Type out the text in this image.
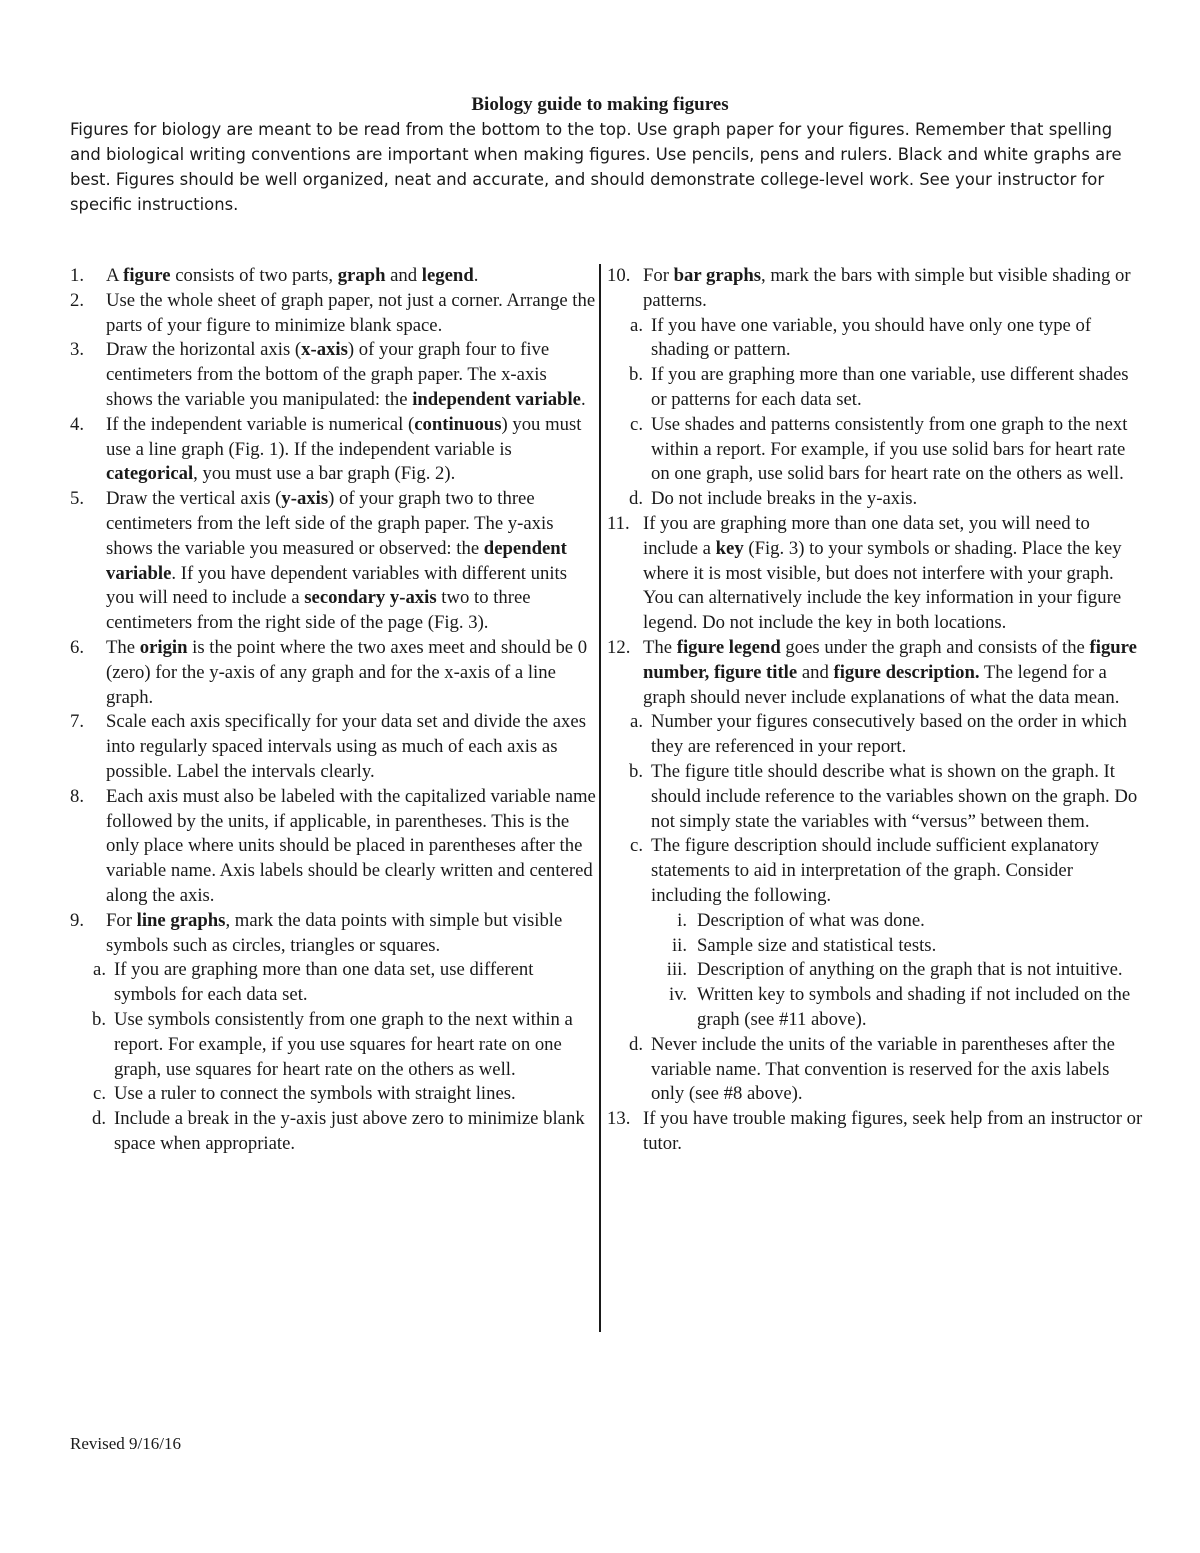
Biology guide to making figures
Figures for biology are meant to be read from the bottom to the top. Use graph paper for your figures. Remember that spelling and biological writing conventions are important when making figures. Use pencils, pens and rulers. Black and white graphs are best. Figures should be well organized, neat and accurate, and should demonstrate college-level work. See your instructor for specific instructions.
1.	A figure consists of two parts, graph and legend.
2.	Use the whole sheet of graph paper, not just a corner. Arrange the parts of your figure to minimize blank space.
3.	Draw the horizontal axis (x-axis) of your graph four to five centimeters from the bottom of the graph paper. The x-axis shows the variable you manipulated: the independent variable.
4.	If the independent variable is numerical (continuous) you must use a line graph (Fig. 1). If the independent variable is categorical, you must use a bar graph (Fig. 2).
5.	Draw the vertical axis (y-axis) of your graph two to three centimeters from the left side of the graph paper. The y-axis shows the variable you measured or observed: the dependent variable. If you have dependent variables with different units you will need to include a secondary y-axis two to three centimeters from the right side of the page (Fig. 3).
6.	The origin is the point where the two axes meet and should be 0 (zero) for the y-axis of any graph and for the x-axis of a line graph.
7.	Scale each axis specifically for your data set and divide the axes into regularly spaced intervals using as much of each axis as possible. Label the intervals clearly.
8.	Each axis must also be labeled with the capitalized variable name followed by the units, if applicable, in parentheses. This is the only place where units should be placed in parentheses after the variable name. Axis labels should be clearly written and centered along the axis.
9.	For line graphs, mark the data points with simple but visible symbols such as circles, triangles or squares.
a. If you are graphing more than one data set, use different symbols for each data set.
b. Use symbols consistently from one graph to the next within a report. For example, if you use squares for heart rate on one graph, use squares for heart rate on the others as well.
c. Use a ruler to connect the symbols with straight lines.
d. Include a break in the y-axis just above zero to minimize blank space when appropriate.
10. For bar graphs, mark the bars with simple but visible shading or patterns.
a. If you have one variable, you should have only one type of shading or pattern.
b. If you are graphing more than one variable, use different shades or patterns for each data set.
c. Use shades and patterns consistently from one graph to the next within a report. For example, if you use solid bars for heart rate on one graph, use solid bars for heart rate on the others as well.
d. Do not include breaks in the y-axis.
11. If you are graphing more than one data set, you will need to include a key (Fig. 3) to your symbols or shading. Place the key where it is most visible, but does not interfere with your graph. You can alternatively include the key information in your figure legend. Do not include the key in both locations.
12. The figure legend goes under the graph and consists of the figure number, figure title and figure description. The legend for a graph should never include explanations of what the data mean.
a. Number your figures consecutively based on the order in which they are referenced in your report.
b. The figure title should describe what is shown on the graph. It should include reference to the variables shown on the graph. Do not simply state the variables with “versus” between them.
c. The figure description should include sufficient explanatory statements to aid in interpretation of the graph. Consider including the following.
i. Description of what was done.
ii. Sample size and statistical tests.
iii. Description of anything on the graph that is not intuitive.
iv. Written key to symbols and shading if not included on the graph (see #11 above).
d. Never include the units of the variable in parentheses after the variable name. That convention is reserved for the axis labels only (see #8 above).
13. If you have trouble making figures, seek help from an instructor or tutor.
Revised 9/16/16
